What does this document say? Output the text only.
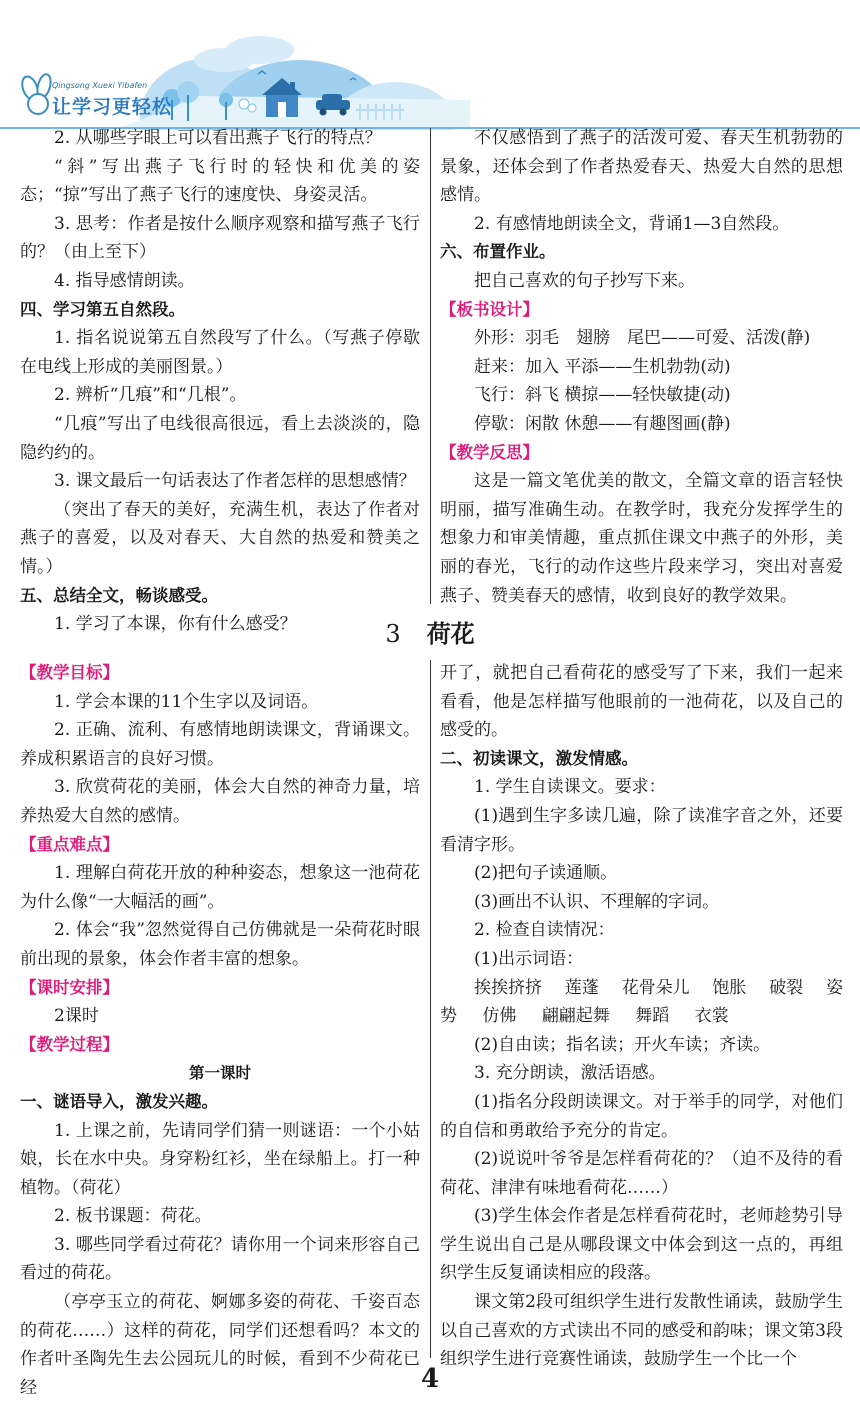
Qingsong Xuexi Yibafen
让学习更轻松

2. 从哪些字眼上可以看出燕子飞行的特点？

“斜”写出燕子飞行时的轻快和优美的姿态；“掠”写出了燕子飞行的速度快、身姿灵活。

3. 思考：作者是按什么顺序观察和描写燕子飞行的？（由上至下）

4. 指导感情朗读。

四、学习第五自然段。

1. 指名说说第五自然段写了什么。（写燕子停歇在电线上形成的美丽图景。）

2. 辨析“几痕”和“几根”。

“几痕”写出了电线很高很远，看上去淡淡的，隐隐约约的。

3. 课文最后一句话表达了作者怎样的思想感情？

（突出了春天的美好，充满生机，表达了作者对燕子的喜爱，以及对春天、大自然的热爱和赞美之情。）

五、总结全文，畅谈感受。

1. 学习了本课，你有什么感受？

不仅感悟到了燕子的活泼可爱、春天生机勃勃的景象，还体会到了作者热爱春天、热爱大自然的思想感情。

2. 有感情地朗读全文，背诵1—3自然段。

六、布置作业。

把自己喜欢的句子抄写下来。

【板书设计】

外形：羽毛　翅膀　尾巴——可爱、活泼(静)

赶来：加入 平添——生机勃勃(动)

飞行：斜飞 横掠——轻快敏捷(动)

停歇：闲散 休憩——有趣图画(静)

【教学反思】

这是一篇文笔优美的散文，全篇文章的语言轻快明丽，描写准确生动。在教学时，我充分发挥学生的想象力和审美情趣，重点抓住课文中燕子的外形，美丽的春光，飞行的动作这些片段来学习，突出对喜爱燕子、赞美春天的感情，收到良好的教学效果。

3 荷花

【教学目标】

1. 学会本课的11个生字以及词语。

2. 正确、流利、有感情地朗读课文，背诵课文。养成积累语言的良好习惯。

3. 欣赏荷花的美丽，体会大自然的神奇力量，培养热爱大自然的感情。

【重点难点】

1. 理解白荷花开放的种种姿态，想象这一池荷花为什么像“一大幅活的画”。

2. 体会“我”忽然觉得自己仿佛就是一朵荷花时眼前出现的景象，体会作者丰富的想象。

【课时安排】

2课时

【教学过程】

第一课时

一、谜语导入，激发兴趣。

1. 上课之前，先请同学们猜一则谜语：一个小姑娘，长在水中央。身穿粉红衫，坐在绿船上。打一种植物。（荷花）

2. 板书课题：荷花。

3. 哪些同学看过荷花？请你用一个词来形容自己看过的荷花。

（亭亭玉立的荷花、婀娜多姿的荷花、千姿百态的荷花……）这样的荷花，同学们还想看吗？本文的作者叶圣陶先生去公园玩儿的时候，看到不少荷花已经

开了，就把自己看荷花的感受写了下来，我们一起来看看，他是怎样描写他眼前的一池荷花，以及自己的感受的。

二、初读课文，激发情感。

1. 学生自读课文。要求：

(1)遇到生字多读几遍，除了读准字音之外，还要看清字形。

(2)把句子读通顺。

(3)画出不认识、不理解的字词。

2. 检查自读情况：

(1)出示词语：

挨挨挤挤 莲蓬 花骨朵儿 饱胀 破裂 姿

势 仿佛 翩翩起舞 舞蹈 衣裳

(2)自由读；指名读；开火车读；齐读。

3. 充分朗读，激活语感。

(1)指名分段朗读课文。对于举手的同学，对他们的自信和勇敢给予充分的肯定。

(2)说说叶爷爷是怎样看荷花的？（迫不及待的看荷花、津津有味地看荷花……）

(3)学生体会作者是怎样看荷花时，老师趁势引导学生说出自己是从哪段课文中体会到这一点的，再组织学生反复诵读相应的段落。

课文第2段可组织学生进行发散性诵读，鼓励学生以自己喜欢的方式读出不同的感受和韵味；课文第3段组织学生进行竞赛性诵读，鼓励学生一个比一个

4
